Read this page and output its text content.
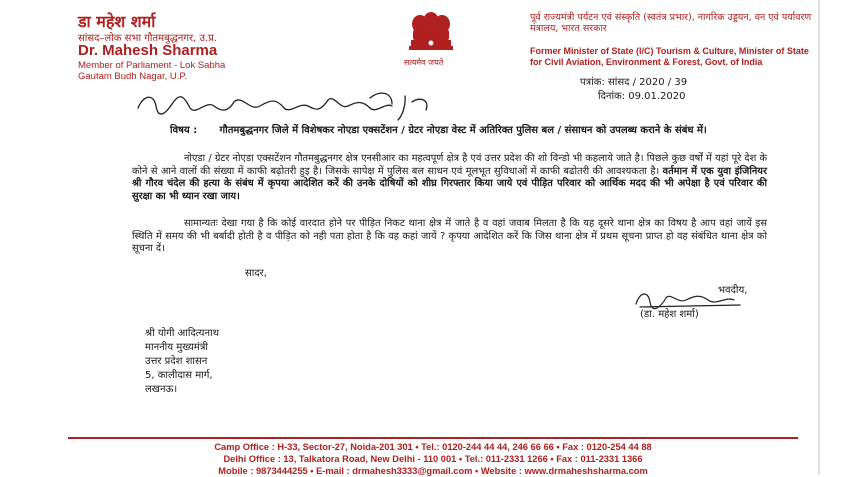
डा महेश शर्मा
सांसद–लोक सभा गौतमबुद्धनगर, उ.प्र.
Dr. Mahesh Sharma
Member of Parliament - Lok Sabha
Gautam Budh Nagar, U.P.
सत्यमेव जयते
पूर्व राज्यमंत्री पर्यटन एवं संस्कृति (स्वतंत्र प्रभार), नागरिक उड्डयन, वन एवं पर्यावरण मंत्रालय, भारत सरकार
Former Minister of State (I/C) Tourism & Culture, Minister of State for Civil Aviation, Environment & Forest, Govt. of India
पत्रांक: सांसद / 2020 / 39
दिनांक: 09.01.2020
विषय : गौतमबुद्धनगर जिले में विशेषकर नोएडा एक्सटेंशन / ग्रेटर नोएडा वेस्ट में अतिरिक्त पुलिस बल / संसाधन को उपलब्ध कराने के संबंध में।
नोएडा / ग्रेटर नोएडा एक्सटेंशन गौतमबुद्धनगर क्षेत्र एनसीआर का महत्वपूर्ण क्षेत्र है एवं उत्तर प्रदेश की शो विन्डो भी कहलाये जाते है। पिछले कुछ वर्षों में यहां पूरे देश के कोने से आने वालों की संख्या में काफी बढ़ोतरी हुइ है। जिसके सापेक्ष में पुलिस बल साधन एवं मूलभूत सुविधाओं में काफी बढोतरी की आवश्यकता है। वर्तमान में एक युवा इंजिनियर श्री गौरव चंदेल की हत्या के संबंध में कृपया आदेशित करें की उनके दोषियों को शीघ्र गिरफ्तार किया जाये एवं पीड़ित परिवार को आर्थिक मदद की भी अपेक्षा है एवं परिवार की सुरक्षा का भी ध्यान रखा जाय।
सामान्यतः देखा गया है कि कोई वारदात होने पर पीड़ित निकट थाना क्षेत्र में जाते है व वहां जवाब मिलता है कि यह दूसरे थाना क्षेत्र का विषय है आप वहां जायें इस स्थिति में समय की भी बर्बादी होती है व पीड़ित को नही पता होता है कि वह कहां जायें ? कृपया आदेशित करें कि जिस थाना क्षेत्र में प्रथम सूचना प्राप्त हो वह संबंधित थाना क्षेत्र को सूचना दें।
सादर,
भवदीय,
(डा. महेश शर्मा)
श्री योगी आदित्यनाथ
माननीय मुख्यमंत्री
उत्तर प्रदेश शासन
5, कालीदास मार्ग,
लखनऊ।
Camp Office : H-33, Sector-27, Noida-201 301 • Tel.: 0120-244 44 44, 246 66 66 • Fax : 0120-254 44 88
Delhi Office : 13, Talkatora Road, New Delhi - 110 001 • Tel.: 011-2331 1266 • Fax : 011-2331 1366
Mobile : 9873444255 • E-mail : drmahesh3333@gmail.com • Website : www.drmaheshsharma.com
